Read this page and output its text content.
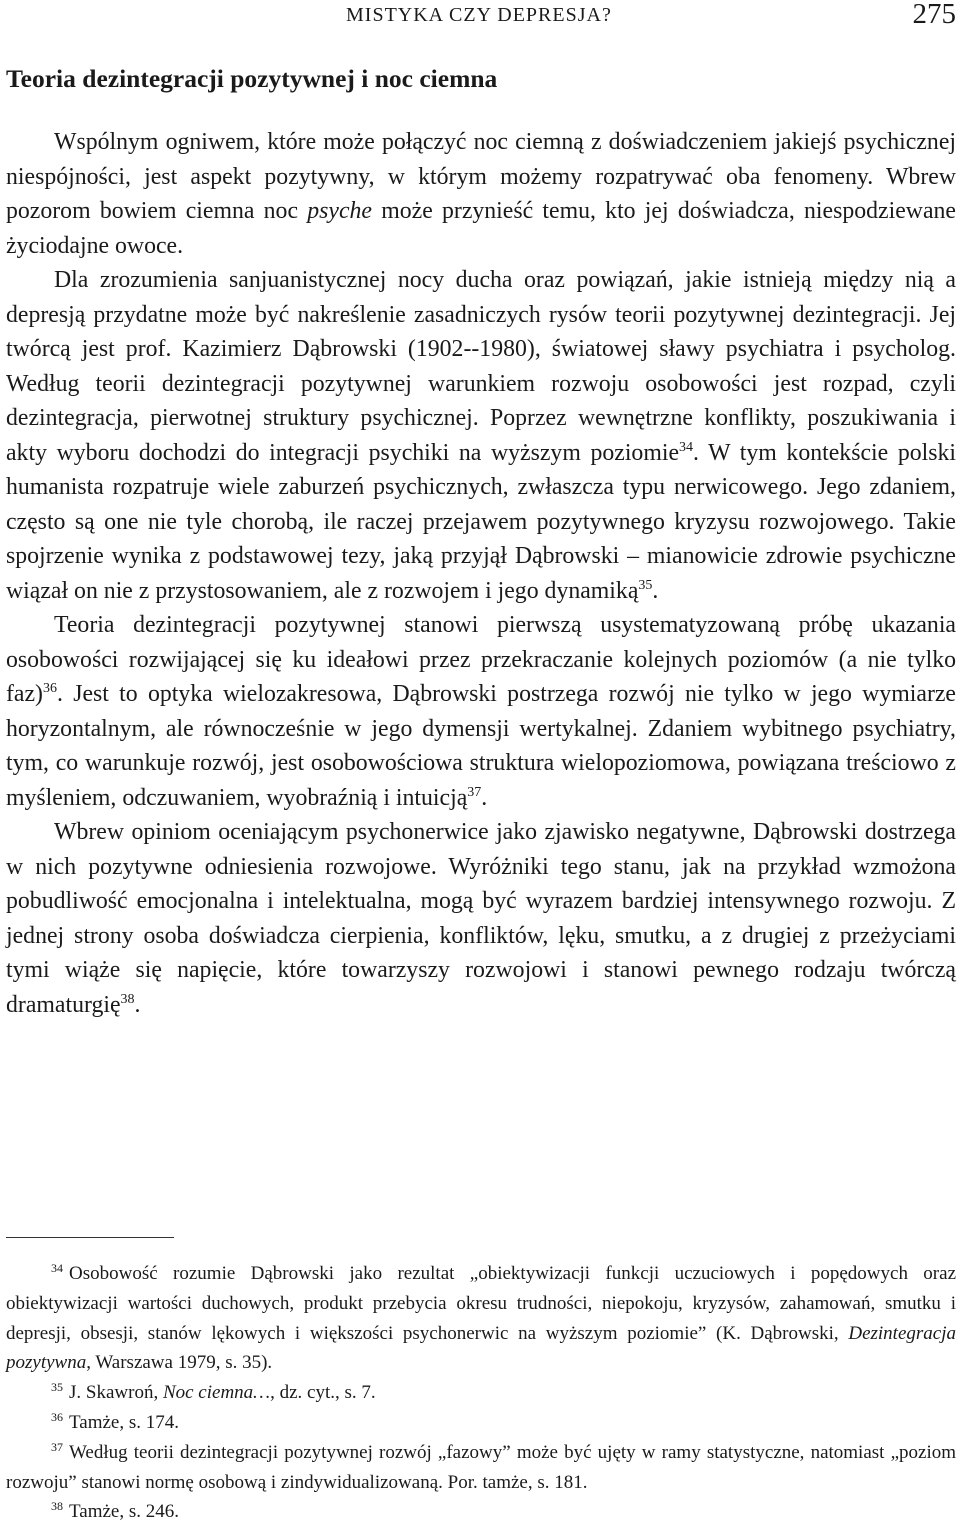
MISTYKA CZY DEPRESJA?	275
Teoria dezintegracji pozytywnej i noc ciemna

Wspólnym ogniwem, które może połączyć noc ciemną z doświadczeniem jakiejś psychicznej niespójności, jest aspekt pozytywny, w którym możemy rozpatrywać oba fenomeny. Wbrew pozorom bowiem ciemna noc psyche może przynieść temu, kto jej doświadcza, niespodziewane życiodajne owoce.

Dla zrozumienia sanjuanistycznej nocy ducha oraz powiązań, jakie istnieją między nią a depresją przydatne może być nakreślenie zasadniczych rysów teorii pozytywnej dezintegracji. Jej twórcą jest prof. Kazimierz Dąbrowski (1902-‑1980), światowej sławy psychiatra i psycholog. Według teorii dezintegracji pozytywnej warunkiem rozwoju osobowości jest rozpad, czyli dezintegracja, pierwotnej struktury psychicznej. Poprzez wewnętrzne konflikty, poszukiwania i akty wyboru dochodzi do integracji psychiki na wyższym poziomie$^{34}$. W tym kontekście polski humanista rozpatruje wiele zaburzeń psychicznych, zwłaszcza typu nerwicowego. Jego zdaniem, często są one nie tyle chorobą, ile raczej przejawem pozytywnego kryzysu rozwojowego. Takie spojrzenie wynika z podstawowej tezy, jaką przyjął Dąbrowski – mianowicie zdrowie psychiczne wiązał on nie z przystosowaniem, ale z rozwojem i jego dynamiką$^{35}$.

Teoria dezintegracji pozytywnej stanowi pierwszą usystematyzowaną próbę ukazania osobowości rozwijającej się ku ideałowi przez przekraczanie kolejnych poziomów (a nie tylko faz)$^{36}$. Jest to optyka wielozakresowa, Dąbrowski postrzega rozwój nie tylko w jego wymiarze horyzontalnym, ale równocześnie w jego dymensji wertykalnej. Zdaniem wybitnego psychiatry, tym, co warunkuje rozwój, jest osobowościowa struktura wielopoziomowa, powiązana treściowo z myśleniem, odczuwaniem, wyobraźnią i intuicją$^{37}$.

Wbrew opiniom oceniającym psychonerwice jako zjawisko negatywne, Dąbrowski dostrzega w nich pozytywne odniesienia rozwojowe. Wyróżniki tego stanu, jak na przykład wzmożona pobudliwość emocjonalna i intelektualna, mogą być wyrazem bardziej intensywnego rozwoju. Z jednej strony osoba doświadcza cierpienia, konfliktów, lęku, smutku, a z drugiej z przeżyciami tymi wiąże się napięcie, które towarzyszy rozwojowi i stanowi pewnego rodzaju twórczą dramaturgię$^{38}$.

$^{34}$ Osobowość rozumie Dąbrowski jako rezultat „obiektywizacji funkcji uczuciowych i popędowych oraz obiektywizacji wartości duchowych, produkt przebycia okresu trudności, niepokoju, kryzysów, zahamowań, smutku i depresji, obsesji, stanów lękowych i większości psychonerwic na wyższym poziomie” (K. Dąbrowski, Dezintegracja pozytywna, Warszawa 1979, s. 35).

$^{35}$ J. Skawroń, Noc ciemna…, dz. cyt., s. 7.

$^{36}$ Tamże, s. 174.

$^{37}$ Według teorii dezintegracji pozytywnej rozwój „fazowy” może być ujęty w ramy statystyczne, natomiast „poziom rozwoju” stanowi normę osobową i zindywidualizowaną. Por. tamże, s. 181.

$^{38}$ Tamże, s. 246.
